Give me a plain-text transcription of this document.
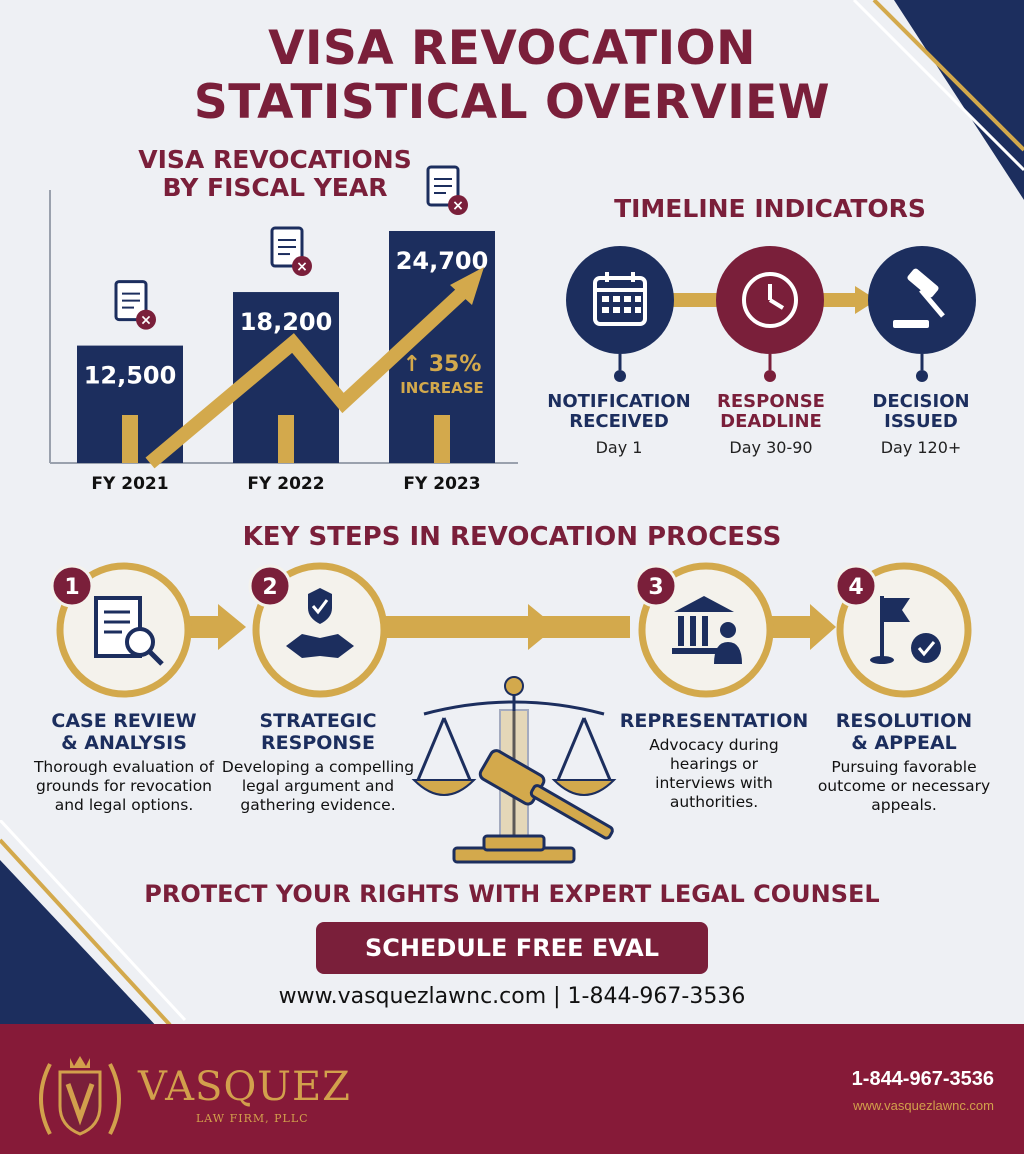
VISA REVOCATION
STATISTICAL OVERVIEW
VISA REVOCATIONS
BY FISCAL YEAR
12,500
FY 2021
×	18,200
FY 2022
×	24,700
FY 2023
×
↑ 35%
INCREASE
TIMELINE INDICATORS
NOTIFICATION
RECEIVED
Day 1
RESPONSE
DEADLINE
Day 30-90
DECISION
ISSUED
Day 120+
KEY STEPS IN REVOCATION PROCESS
1	2	3	4
CASE REVIEW
& ANALYSIS
Thorough evaluation of grounds for revocation and legal options.
STRATEGIC
RESPONSE
Developing a compelling legal argument and gathering evidence.
REPRESENTATION
Advocacy during hearings or interviews with authorities.
RESOLUTION
& APPEAL
Pursuing favorable outcome or necessary appeals.
PROTECT YOUR RIGHTS WITH EXPERT LEGAL COUNSEL
SCHEDULE FREE EVAL
www.vasquezlawnc.com | 1-844-967-3536
VASQUEZ
LAW FIRM, PLLC
1-844-967-3536
www.vasquezlawnc.com
